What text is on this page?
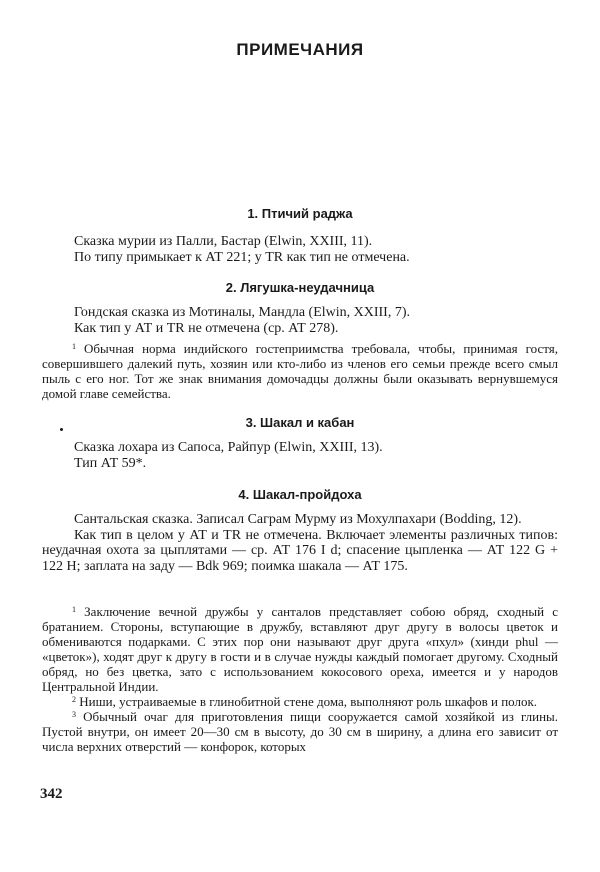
ПРИМЕЧАНИЯ
1. Птичий раджа
Сказка мурии из Палли, Бастар (Elwin, XXIII, 11).
По типу примыкает к АТ 221; у TR как тип не отмечена.
2. Лягушка-неудачница
Гондская сказка из Мотиналы, Мандла (Elwin, XXIII, 7).
Как тип у АТ и TR не отмечена (ср. АТ 278).

$^1$ Обычная норма индийского гостеприимства требовала, чтобы, принимая гостя, совершившего далекий путь, хозяин или кто-либо из членов его семьи прежде всего смыл пыль с его ног. Тот же знак внимания домочадцы должны были оказывать вернувшемуся домой главе семейства.

3. Шакал и кабан
Сказка лохара из Сапоса, Райпур (Elwin, XXIII, 13).
Тип АТ 59*.
4. Шакал-пройдоха

Сантальская сказка. Записал Саграм Мурму из Мохулпахари (Bodding, 12).

Как тип в целом у АТ и TR не отмечена. Включает элементы различных типов: неудачная охота за цыплятами — ср. АТ 176 I d; спасение цыпленка — АТ 122 G + 122 H; заплата на заду — Bdk 969; поимка шакала — АТ 175.

$^1$ Заключение вечной дружбы у санталов представляет собою обряд, сходный с братанием. Стороны, вступающие в дружбу, вставляют друг другу в волосы цветок и обмениваются подарками. С этих пор они называют друг друга «пхул» (хинди phul — «цветок»), ходят друг к другу в гости и в случае нужды каждый помогает другому. Сходный обряд, но без цветка, зато с использованием кокосового ореха, имеется и у народов Центральной Индии.

$^2$ Ниши, устраиваемые в глинобитной стене дома, выполняют роль шкафов и полок.

$^3$ Обычный очаг для приготовления пищи сооружается самой хозяйкой из глины. Пустой внутри, он имеет 20—30 см в высоту, до 30 см в ширину, а длина его зависит от числа верхних отверстий — конфорок, которых

342
